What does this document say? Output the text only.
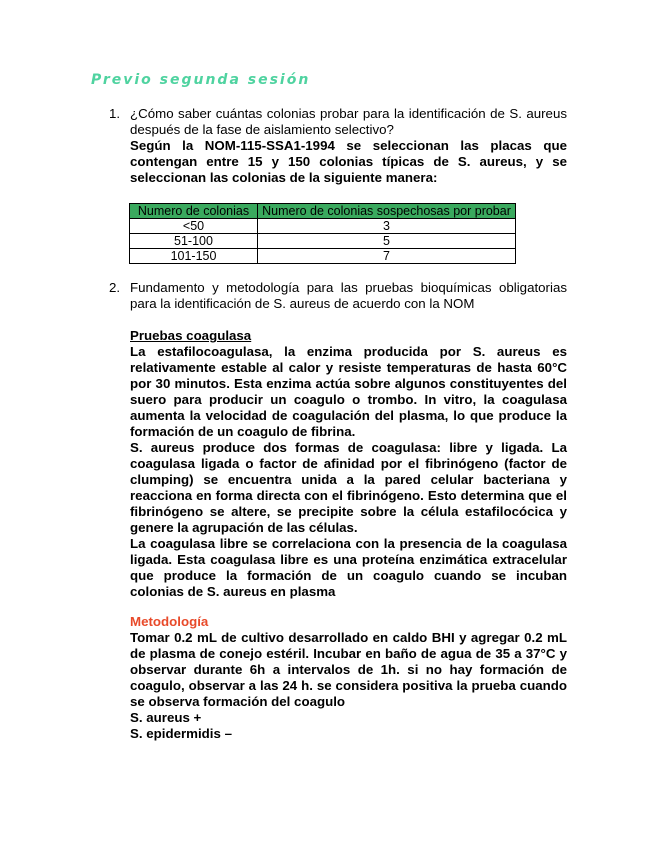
Previo segunda sesión
1. ¿Cómo saber cuántas colonias probar para la identificación de S. aureus después de la fase de aislamiento selectivo?
Según la NOM-115-SSA1-1994 se seleccionan las placas que contengan entre 15 y 150 colonias típicas de S. aureus, y se seleccionan las colonias de la siguiente manera:
Numero de colonias	Numero de colonias sospechosas por probar
<50	3
51-100	5
101-150	7
2. Fundamento y metodología para las pruebas bioquímicas obligatorias para la identificación de S. aureus de acuerdo con la NOM
Pruebas coagulasa

La estafilocoagulasa, la enzima producida por S. aureus es relativamente estable al calor y resiste temperaturas de hasta 60°C por 30 minutos. Esta enzima actúa sobre algunos constituyentes del suero para producir un coagulo o trombo. In vitro, la coagulasa aumenta la velocidad de coagulación del plasma, lo que produce la formación de un coagulo de fibrina.

S. aureus produce dos formas de coagulasa: libre y ligada. La coagulasa ligada o factor de afinidad por el fibrinógeno (factor de clumping) se encuentra unida a la pared celular bacteriana y reacciona en forma directa con el fibrinógeno. Esto determina que el fibrinógeno se altere, se precipite sobre la célula estafilocócica y genere la agrupación de las células.

La coagulasa libre se correlaciona con la presencia de la coagulasa ligada. Esta coagulasa libre es una proteína enzimática extracelular que produce la formación de un coagulo cuando se incuban colonias de S. aureus en plasma

Metodología

Tomar 0.2 mL de cultivo desarrollado en caldo BHI y agregar 0.2 mL de plasma de conejo estéril. Incubar en baño de agua de 35 a 37°C y observar durante 6h a intervalos de 1h. si no hay formación de coagulo, observar a las 24 h. se considera positiva la prueba cuando se observa formación del coagulo

S. aureus +

S. epidermidis –
